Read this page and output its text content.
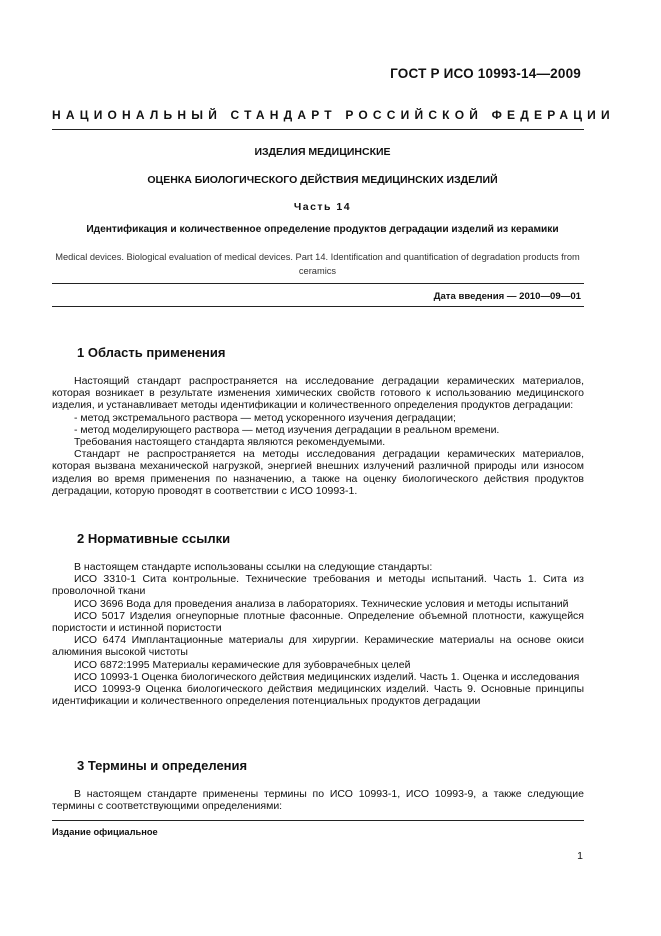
ГОСТ Р ИСО 10993-14—2009
НАЦИОНАЛЬНЫЙ СТАНДАРТ РОССИЙСКОЙ ФЕДЕРАЦИИ
ИЗДЕЛИЯ МЕДИЦИНСКИЕ
ОЦЕНКА БИОЛОГИЧЕСКОГО ДЕЙСТВИЯ МЕДИЦИНСКИХ ИЗДЕЛИЙ
Часть 14
Идентификация и количественное определение продуктов деградации изделий из керамики
Medical devices. Biological evaluation of medical devices. Part 14. Identification and quantification of degradation products from ceramics
Дата введения — 2010—09—01
1 Область применения

Настоящий стандарт распространяется на исследование деградации керамических материалов, которая возникает в результате изменения химических свойств готового к использованию медицинского изделия, и устанавливает методы идентификации и количественного определения продуктов деградации:

- метод экстремального раствора — метод ускоренного изучения деградации;

- метод моделирующего раствора — метод изучения деградации в реальном времени.

Требования настоящего стандарта являются рекомендуемыми.

Стандарт не распространяется на методы исследования деградации керамических материалов, которая вызвана механической нагрузкой, энергией внешних излучений различной природы или износом изделия во время применения по назначению, а также на оценку биологического действия продуктов деградации, которую проводят в соответствии с ИСО 10993-1.

2 Нормативные ссылки

В настоящем стандарте использованы ссылки на следующие стандарты:

ИСО 3310-1 Сита контрольные. Технические требования и методы испытаний. Часть 1. Сита из проволочной ткани

ИСО 3696 Вода для проведения анализа в лабораториях. Технические условия и методы испытаний

ИСО 5017 Изделия огнеупорные плотные фасонные. Определение объемной плотности, кажущейся пористости и истинной пористости

ИСО 6474 Имплантационные материалы для хирургии. Керамические материалы на основе окиси алюминия высокой чистоты

ИСО 6872:1995 Материалы керамические для зубоврачебных целей

ИСО 10993-1 Оценка биологического действия медицинских изделий. Часть 1. Оценка и исследования

ИСО 10993-9 Оценка биологического действия медицинских изделий. Часть 9. Основные принципы идентификации и количественного определения потенциальных продуктов деградации

3 Термины и определения

В настоящем стандарте применены термины по ИСО 10993-1, ИСО 10993-9, а также следующие термины с соответствующими определениями:

Издание официальное
1
